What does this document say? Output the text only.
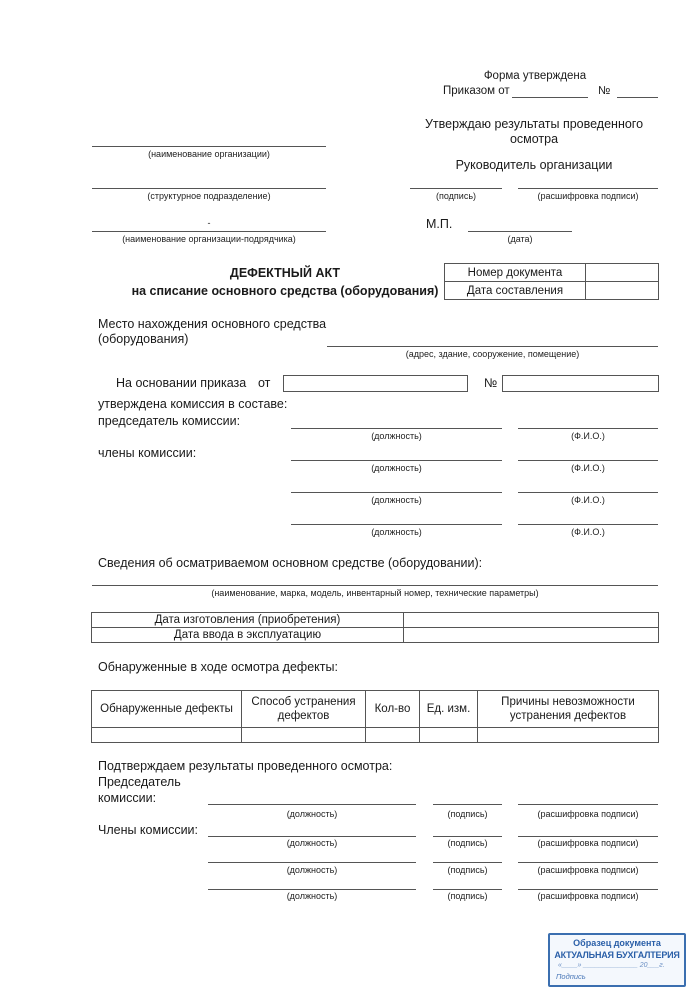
Форма утверждена
Приказом от	№
Утверждаю результаты проведенного осмотра
Руководитель организации
(подпись)	(расшифровка подписи)
М.П.
(дата)
(наименование организации)
(структурное подразделение)
-
(наименование организации-подрядчика)
ДЕФЕКТНЫЙ АКТ
на списание основного средства (оборудования)
Номер документа	
Дата составления	
Место нахождения основного средства (оборудования)
(адрес, здание, сооружение, помещение)
На основании приказа от	№
утверждена комиссия в составе:
председатель комиссии:
члены комиссии:
(должность)	(Ф.И.О.)
(должность)	(Ф.И.О.)
(должность)	(Ф.И.О.)
(должность)	(Ф.И.О.)
Сведения об осматриваемом основном средстве (оборудовании):
(наименование, марка, модель, инвентарный номер, технические параметры)
Дата изготовления (приобретения)	
Дата ввода в эксплуатацию	
Обнаруженные в ходе осмотра дефекты:
Обнаруженные дефекты	Способ устранения дефектов	Кол-во	Ед. изм.	Причины невозможности устранения дефектов

Подтверждаем результаты проведенного осмотра:
Председатель
комиссии:
Члены комиссии:
(должность)	(подпись)	(расшифровка подписи)
(должность)	(подпись)	(расшифровка подписи)
(должность)	(подпись)	(расшифровка подписи)
(должность)	(подпись)	(расшифровка подписи)
Образец документа
АКТУАЛЬНАЯ БУХГАЛТЕРИЯ
«____» ______________ 20___г.
Подпись
